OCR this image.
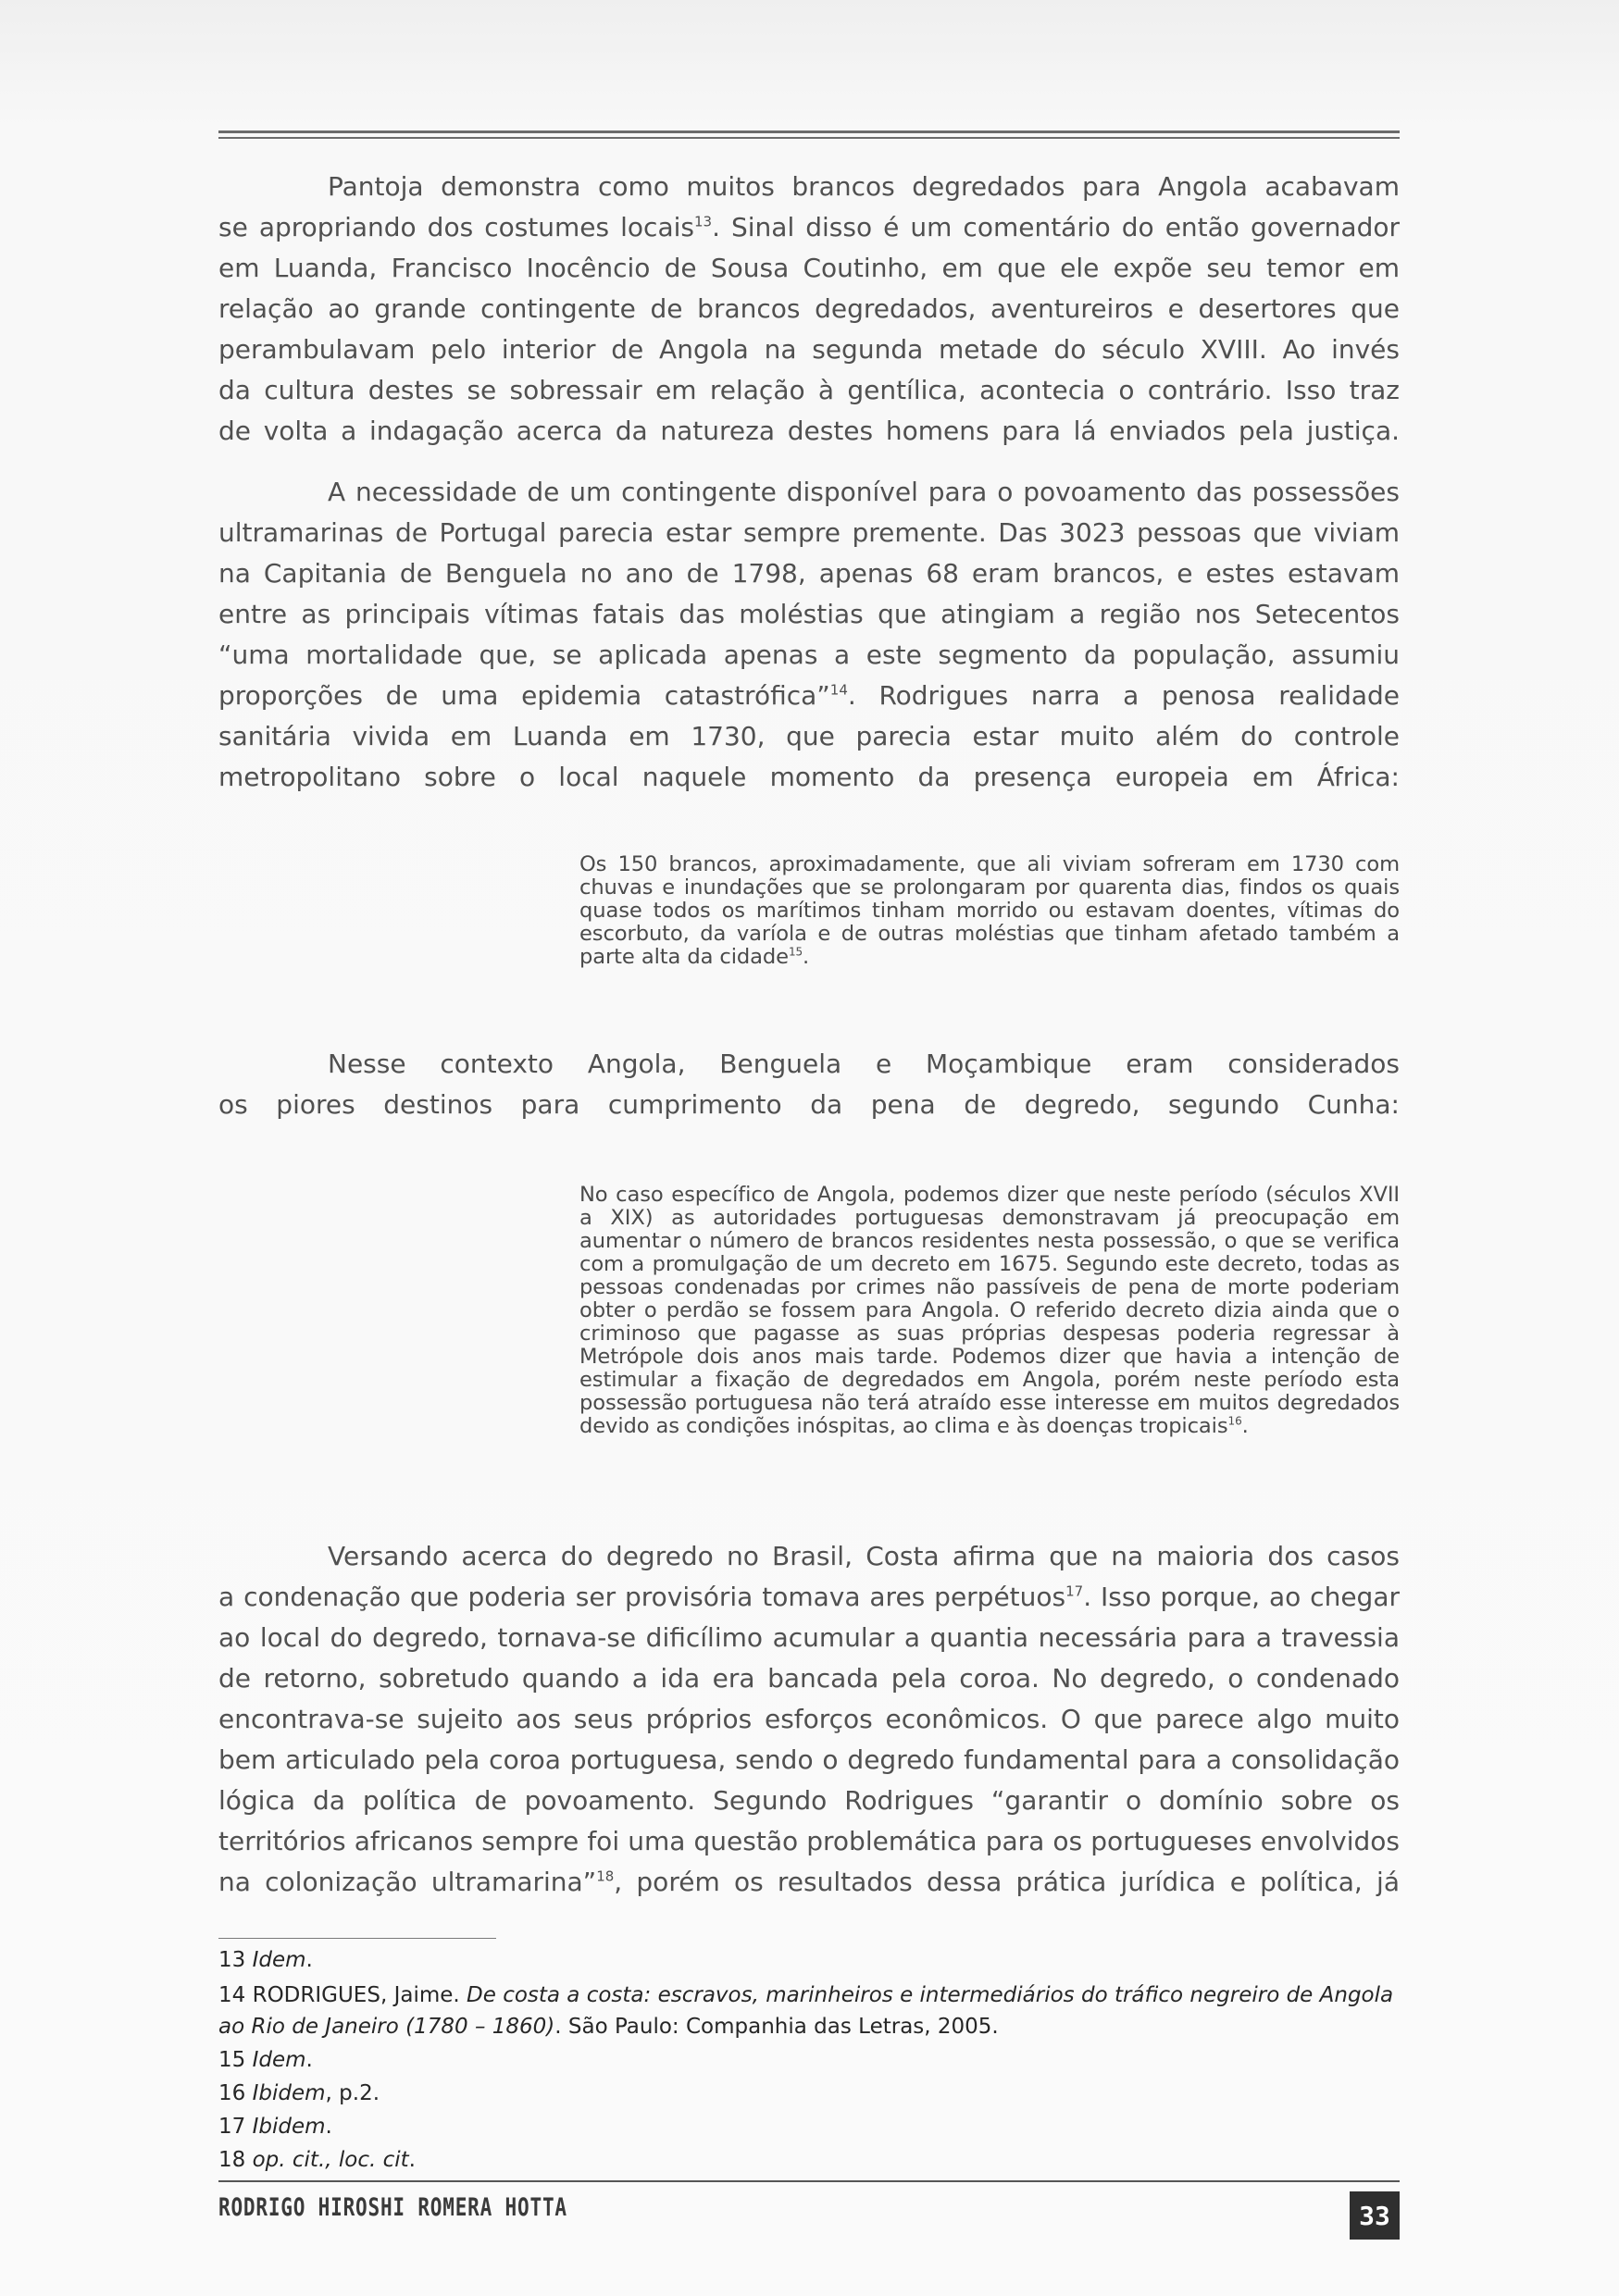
Pantoja demonstra como muitos brancos degredados para Angola acabavam

se apropriando dos costumes locais$^{13}$. Sinal disso é um comentário do então governador

em Luanda, Francisco Inocêncio de Sousa Coutinho, em que ele expõe seu temor em

relação ao grande contingente de brancos degredados, aventureiros e desertores que

perambulavam pelo interior de Angola na segunda metade do século XVIII. Ao invés

da cultura destes se sobressair em relação à gentílica, acontecia o contrário. Isso traz

de volta a indagação acerca da natureza destes homens para lá enviados pela justiça.

A necessidade de um contingente disponível para o povoamento das possessões

ultramarinas de Portugal parecia estar sempre premente. Das 3023 pessoas que viviam

na Capitania de Benguela no ano de 1798, apenas 68 eram brancos, e estes estavam

entre as principais vítimas fatais das moléstias que atingiam a região nos Setecentos

“uma mortalidade que, se aplicada apenas a este segmento da população, assumiu

proporções de uma epidemia catastrófica”$^{14}$. Rodrigues narra a penosa realidade

sanitária vivida em Luanda em 1730, que parecia estar muito além do controle

metropolitano sobre o local naquele momento da presença europeia em África:

Os 150 brancos, aproximadamente, que ali viviam sofreram em 1730 com chuvas e inundações que se prolongaram por quarenta dias, findos os quais quase todos os marítimos tinham morrido ou estavam doentes, vítimas do escorbuto, da varíola e de outras moléstias que tinham afetado também a parte alta da cidade$^{15}$.

Nesse contexto Angola, Benguela e Moçambique eram considerados

os piores destinos para cumprimento da pena de degredo, segundo Cunha:

No caso específico de Angola, podemos dizer que neste período (séculos XVII a XIX) as autoridades portuguesas demonstravam já preocupação em aumentar o número de brancos residentes nesta possessão, o que se verifica com a promulgação de um decreto em 1675. Segundo este decreto, todas as pessoas condenadas por crimes não passíveis de pena de morte poderiam obter o perdão se fossem para Angola. O referido decreto dizia ainda que o criminoso que pagasse as suas próprias despesas poderia regressar à Metrópole dois anos mais tarde. Podemos dizer que havia a intenção de estimular a fixação de degredados em Angola, porém neste período esta possessão portuguesa não terá atraído esse interesse em muitos degredados devido as condições inóspitas, ao clima e às doenças tropicais$^{16}$.

Versando acerca do degredo no Brasil, Costa afirma que na maioria dos casos

a condenação que poderia ser provisória tomava ares perpétuos$^{17}$. Isso porque, ao chegar

ao local do degredo, tornava-se dificílimo acumular a quantia necessária para a travessia

de retorno, sobretudo quando a ida era bancada pela coroa. No degredo, o condenado

encontrava-se sujeito aos seus próprios esforços econômicos. O que parece algo muito

bem articulado pela coroa portuguesa, sendo o degredo fundamental para a consolidação

lógica da política de povoamento. Segundo Rodrigues “garantir o domínio sobre os

territórios africanos sempre foi uma questão problemática para os portugueses envolvidos

na colonização ultramarina”$^{18}$, porém os resultados dessa prática jurídica e política, já

13 Idem.

14 RODRIGUES, Jaime. De costa a costa: escravos, marinheiros e intermediários do tráfico negreiro de Angola ao Rio de Janeiro (1780 – 1860). São Paulo: Companhia das Letras, 2005.

15 Idem.

16 Ibidem, p.2.

17 Ibidem.

18 op. cit., loc. cit.

RODRIGO HIROSHI ROMERA HOTTA	33
